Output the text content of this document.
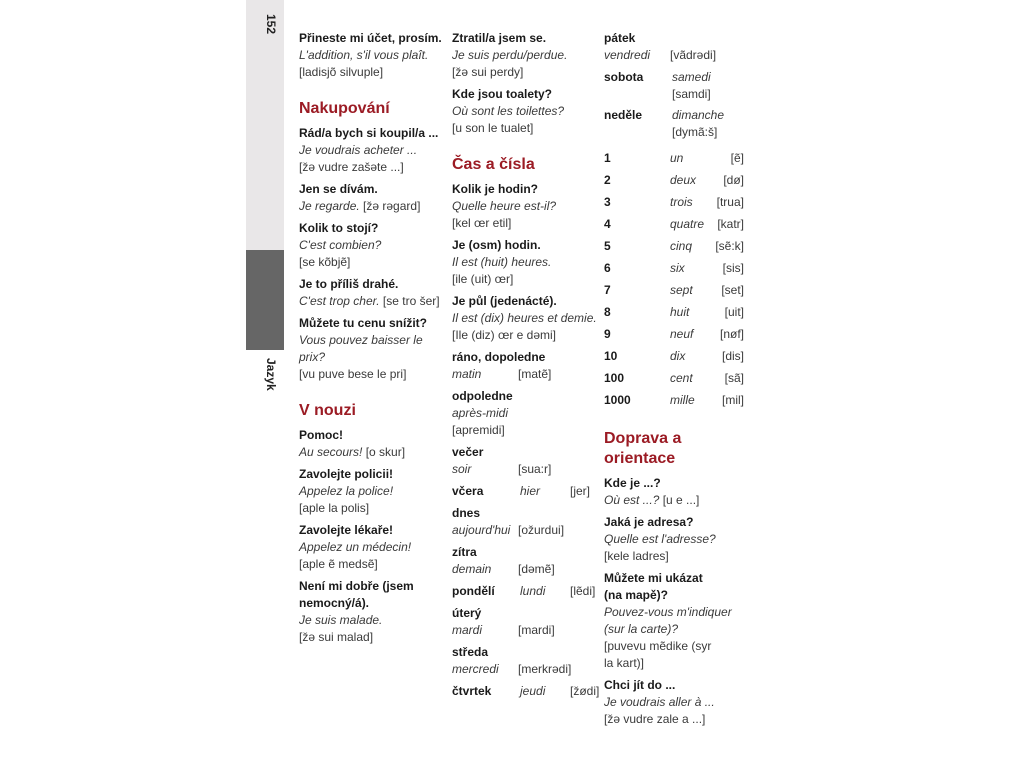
152
Jazyk
Přineste mi účet, prosím.
L'addition, s'il vous plaît.
[ladisjõ silvuple]
Nakupování
Rád/a bych si koupil/a ...
Je voudrais acheter ...
[žə vudre zašəte ...]
Jen se dívám.
Je regarde. [žə rəgard]
Kolik to stojí?
C'est combien?
[se kõbjẽ]
Je to příliš drahé.
C'est trop cher. [se tro šer]
Můžete tu cenu snížit?
Vous pouvez baisser le prix?
[vu puve bese le pri]
V nouzi
Pomoc!
Au secours! [o skur]
Zavolejte policii!
Appelez la police!
[aple la polis]
Zavolejte lékaře!
Appelez un médecin!
[aple ẽ medsẽ]
Není mi dobře (jsem nemocný/á).
Je suis malade.
[žə sui malad]
Ztratil/a jsem se.
Je suis perdu/perdue.
[žə sui perdy]
Kde jsou toalety?
Où sont les toilettes?
[u son le tualet]
Čas a čísla
Kolik je hodin?
Quelle heure est-il?
[kel œr etil]
Je (osm) hodin.
Il est (huit) heures.
[ile (uit) œr]
Je půl (jedenácté).
Il est (dix) heures et demie.
[Ile (diz) œr e dəmi]
ráno, dopoledne
matin	[matẽ]
odpoledne
après-midi
[apremidi]
večer
soir	[sua:r]
včera	hier	[jer]
dnes
aujourd'hui [ožurdui]
zítra
demain	[dəmẽ]
pondělí	lundi	[lẽdi]
úterý
mardi	[mardi]
středa
mercredi	[merkrədi]
čtvrtek	jeudi	[žødi]
pátek
vendredi	[vãdrədi]
sobota	samedi
[samdi]
neděle	dimanche
[dymã:š]
1	un	[ẽ]
2	deux	[dø]
3	trois	[trua]
4	quatre	[katr]
5	cinq	[sẽ:k]
6	six	[sis]
7	sept	[set]
8	huit	[uit]
9	neuf	[nøf]
10	dix	[dis]
100	cent	[sã]
1000	mille	[mil]
Doprava a orientace
Kde je ...?
Où est ...? [u e ...]
Jaká je adresa?
Quelle est l'adresse?
[kele ladres]
Můžete mi ukázat (na mapě)?
Pouvez-vous m'indiquer (sur la carte)?
[puvevu mẽdike (syr la kart)]
Chci jít do ...
Je voudrais aller à ...
[žə vudre zale a ...]
